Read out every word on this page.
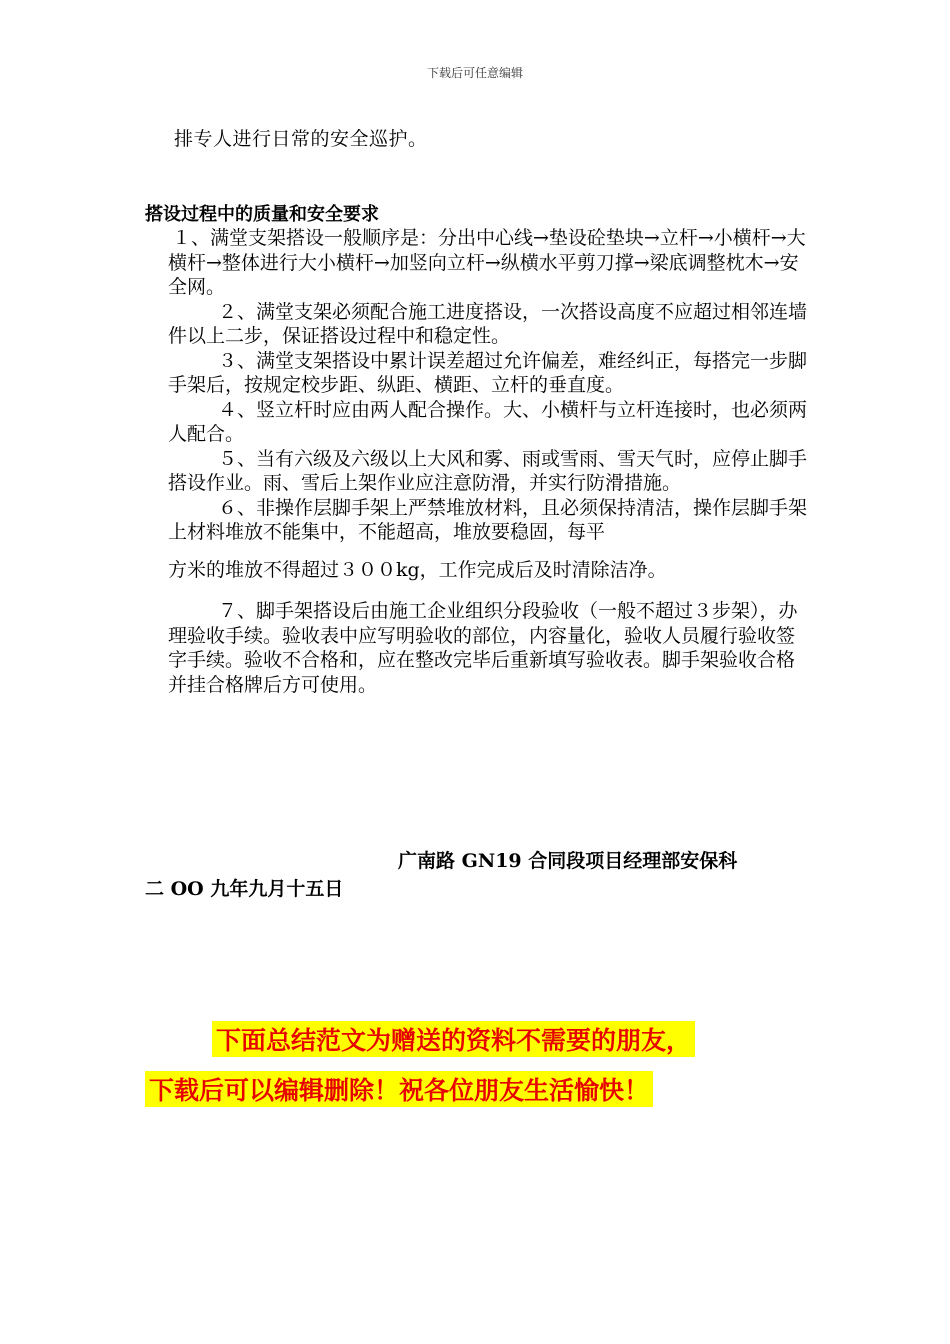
下载后可任意编辑
排专人进行日常的安全巡护。
搭设过程中的质量和安全要求

１、满堂支架搭设一般顺序是：分出中心线→垫设砼垫块→立杆→小横杆→大横杆→整体进行大小横杆→加竖向立杆→纵横水平剪刀撑→梁底调整枕木→安全网。

２、满堂支架必须配合施工进度搭设，一次搭设高度不应超过相邻连墙件以上二步，保证搭设过程中和稳定性。

３、满堂支架搭设中累计误差超过允许偏差，难经纠正，每搭完一步脚手架后，按规定校步距、纵距、横距、立杆的垂直度。

４、竖立杆时应由两人配合操作。大、小横杆与立杆连接时，也必须两人配合。

５、当有六级及六级以上大风和雾、雨或雪雨、雪天气时，应停止脚手搭设作业。雨、雪后上架作业应注意防滑，并实行防滑措施。

６、非操作层脚手架上严禁堆放材料，且必须保持清洁，操作层脚手架上材料堆放不能集中，不能超高，堆放要稳固，每平

方米的堆放不得超过３００kg，工作完成后及时清除洁净。

７、脚手架搭设后由施工企业组织分段验收（一般不超过３步架），办理验收手续。验收表中应写明验收的部位，内容量化，验收人员履行验收签字手续。验收不合格和，应在整改完毕后重新填写验收表。脚手架验收合格并挂合格牌后方可使用。

广南路 GN19 合同段项目经理部安保科
二 OO 九年九月十五日
下面总结范文为赠送的资料不需要的朋友，
下载后可以编辑删除！祝各位朋友生活愉快！
